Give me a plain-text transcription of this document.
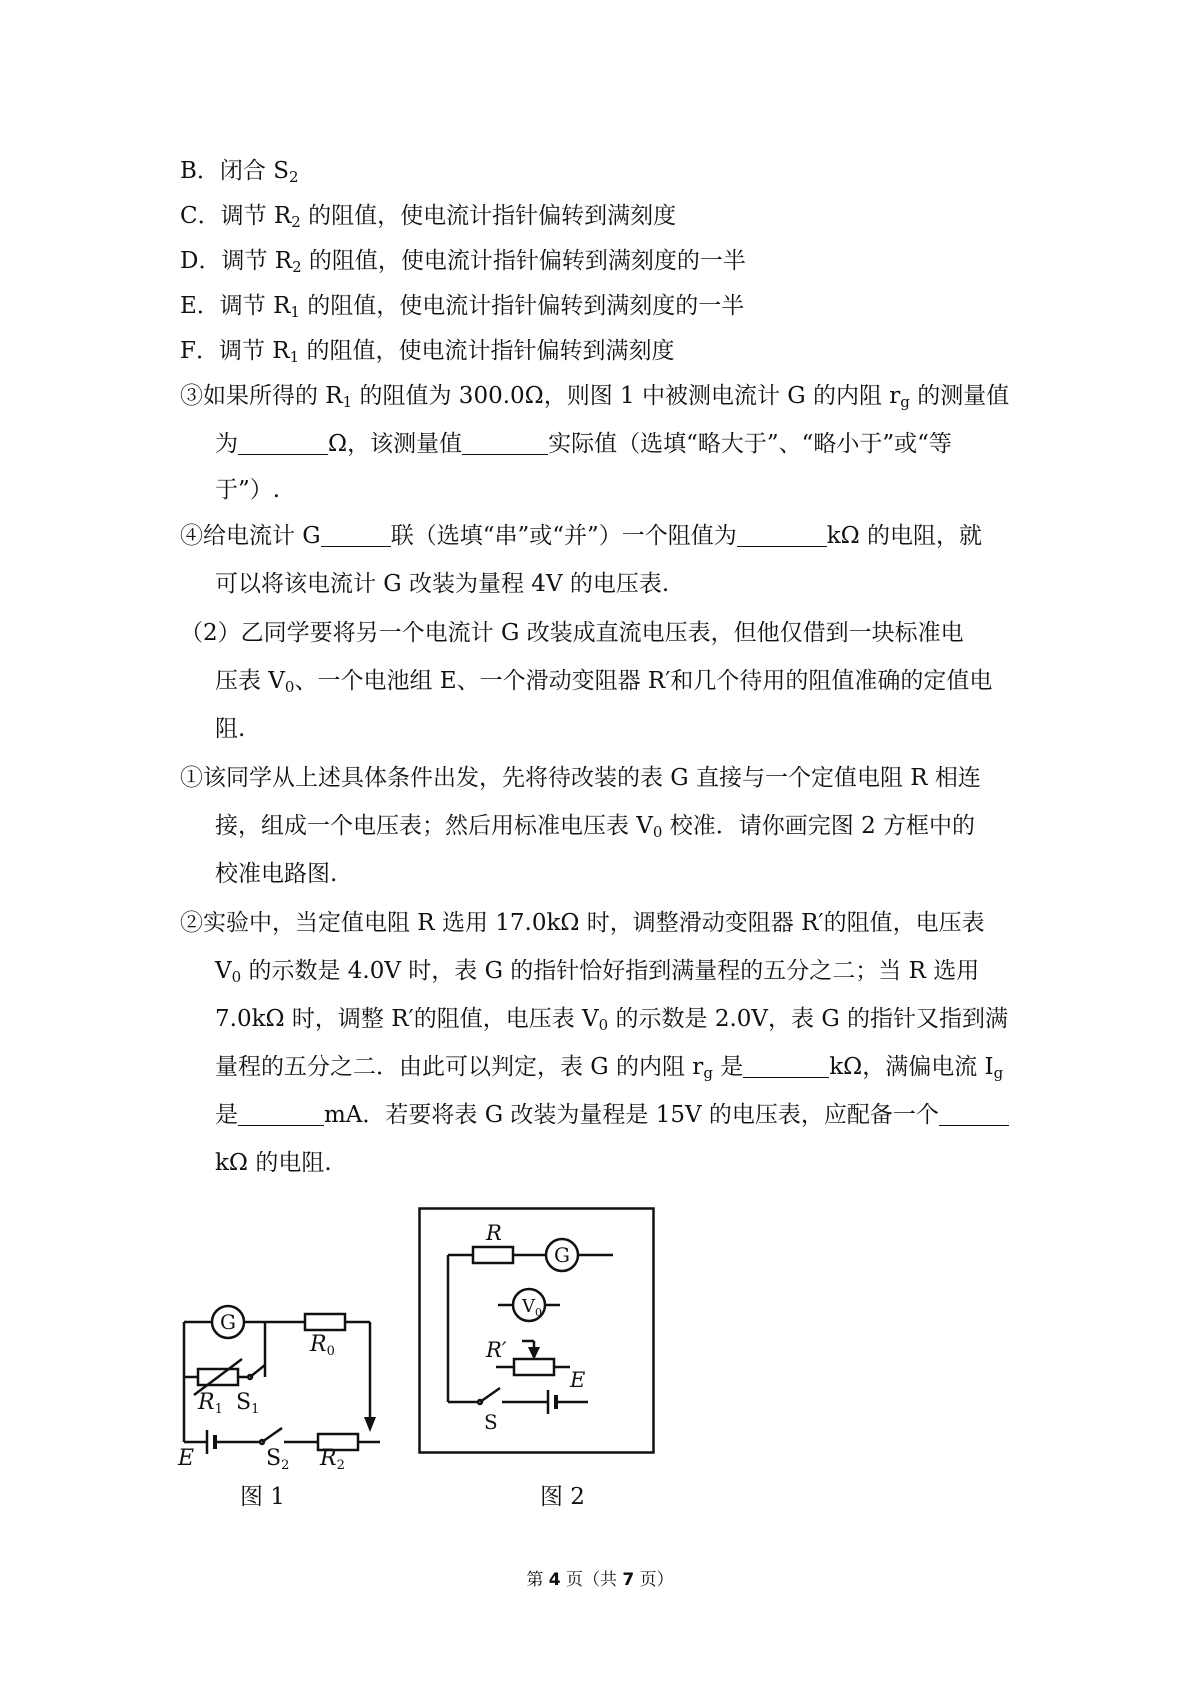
B．闭合 $S_2$
C．调节 $R_2$ 的阻值，使电流计指针偏转到满刻度
D．调节 $R_2$ 的阻值，使电流计指针偏转到满刻度的一半
E．调节 $R_1$ 的阻值，使电流计指针偏转到满刻度的一半
F．调节 $R_1$ 的阻值，使电流计指针偏转到满刻度
③如果所得的 $R_1$ 的阻值为 300.0Ω，则图 1 中被测电流计 G 的内阻 $r_g$ 的测量值
为	Ω，该测量值	实际值（选填“略大于”、“略小于”或“等
于”）.
④给电流计 G	联（选填“串”或“并”）一个阻值为	kΩ 的电阻，就
可以将该电流计 G 改装为量程 4V 的电压表.
（2）乙同学要将另一个电流计 G 改装成直流电压表，但他仅借到一块标准电
压表 $V_0$、一个电池组 E、一个滑动变阻器 R′和几个待用的阻值准确的定值电
阻.
①该同学从上述具体条件出发，先将待改装的表 G 直接与一个定值电阻 R 相连
接，组成一个电压表；然后用标准电压表 $V_0$ 校准．请你画完图 2 方框中的
校准电路图.
②实验中，当定值电阻 R 选用 17.0kΩ 时，调整滑动变阻器 R′的阻值，电压表
$V_0$ 的示数是 4.0V 时，表 G 的指针恰好指到满量程的五分之二；当 R 选用
7.0kΩ 时，调整 R′的阻值，电压表 $V_0$ 的示数是 2.0V，表 G 的指针又指到满
量程的五分之二．由此可以判定，表 G 的内阻 $r_g$ 是	kΩ，满偏电流 $I_g$
是	mA．若要将表 G 改装为量程是 15V 的电压表，应配备一个
kΩ 的电阻.
G
R0
R1 S1
E	S2 R2
R
G
$V_0$
R′
E
S
图 1	图 2
第 4 页（共 7 页）
